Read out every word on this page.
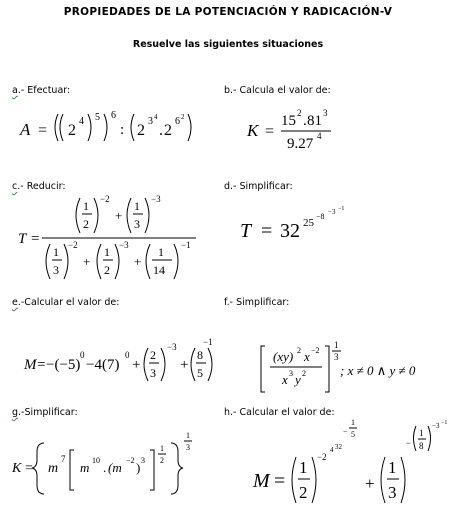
PROPIEDADES DE LA POTENCIACIÓN Y RADICACIÓN-V
Resuelve las siguientes situaciones
a.- Efectuar:	b.- Calcula el valor de:
c.- Reducir:	d.- Simplificar:
e.-Calcular el valor de:	f.- Simplificar:
g.-Simplificar:	h.- Calcular el valor de:
A = 2
4 5 6
: 2
3 4
. 2
6 2
K =
15 2 . 81 3
9.27 4
T =
1
2
−2
+
1
3
−3
1
3
−2
+
1
2
−3
+
1
14
−1
T = 32 25
−8 −3 −1
M = −(−5)
0
−4(7)
0
+
2
3
−3
+
8
5
−1
(xy) 2 x −2
x 3 y 2
1
3
; x ≠ 0 ∧ y ≠ 0
K = m
7
m 10 . (m −2 ) 3
1
2
1
3
M =
1
2
−2
4 32
−
1
5
+
1
3
−
1
8
−3 −1
